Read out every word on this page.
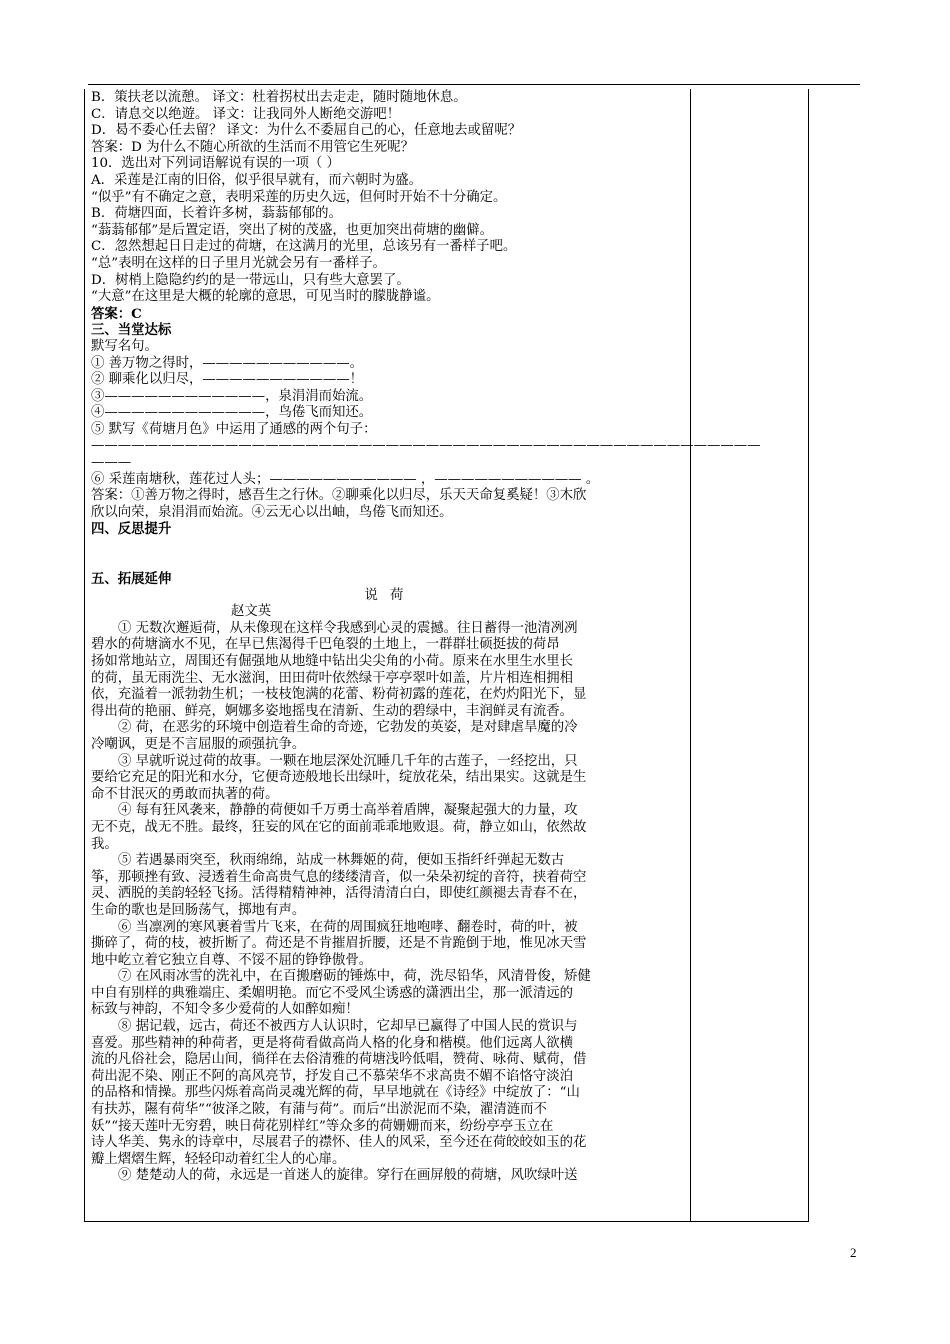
B．策扶老以流憩。 译文：杜着拐杖出去走走，随时随地休息。
C．请息交以绝遊。 译文：让我同外人断绝交游吧！
D．曷不委心任去留？ 译文：为什么不委屈自己的心，任意地去或留呢？
答案：D 为什么不随心所欲的生活而不用管它生死呢？
10．选出对下列词语解说有误的一项（ ）
A．采莲是江南的旧俗，似乎很早就有，而六朝时为盛。
“似乎”有不确定之意，表明采莲的历史久远，但何时开始不十分确定。
B．荷塘四面，长着许多树，蓊蓊郁郁的。
“蓊蓊郁郁”是后置定语，突出了树的茂盛，也更加突出荷塘的幽僻。
C．忽然想起日日走过的荷塘，在这满月的光里，总该另有一番样子吧。
“总”表明在这样的日子里月光就会另有一番样子。
D．树梢上隐隐约约的是一带远山，只有些大意罢了。
“大意”在这里是大概的轮廓的意思，可见当时的朦胧静谧。
答案：C
三、当堂达标
默写名句。
① 善万物之得时，———————————。
② 聊乘化以归尽，———————————！
③————————————，泉涓涓而始流。
④————————————，鸟倦飞而知还。
⑤ 默写《荷塘月色》中运用了通感的两个句子：
——————————————————————————————————————————————————
———
⑥ 采莲南塘秋，莲花过人头；——————————— ，——————————— 。
答案：①善万物之得时，感吾生之行休。②聊乘化以归尽，乐天天命复奚疑！③木欣
欣以向荣，泉涓涓而始流。④云无心以出岫，鸟倦飞而知还。
四、反思提升
五、拓展延伸
说荷
赵文英
① 无数次邂逅荷，从未像现在这样令我感到心灵的震撼。往日蓄得一池清冽冽
碧水的荷塘滴水不见，在早已焦渴得千巴龟裂的土地上，一群群壮硕挺拔的荷昂
扬如常地站立，周围还有倔强地从地缝中钻出尖尖角的小荷。原来在水里生水里长
的荷，虽无雨洗尘、无水滋润，田田荷叶依然绿干亭亭翠叶如盖，片片相连相拥相
依，充溢着一派勃勃生机；一枝枝饱满的花蕾、粉荷初露的莲花，在灼灼阳光下，显
得出荷的艳丽、鲜亮，婀娜多姿地摇曳在清新、生动的碧绿中，丰润鲜灵有流香。
② 荷，在恶劣的环境中创造着生命的奇迹，它勃发的英姿，是对肆虐旱魔的冷
冷嘲讽，更是不言屈服的顽强抗争。
③ 早就听说过荷的故事。一颗在地层深处沉睡几千年的古莲子，一经挖出，只
要给它充足的阳光和水分，它便奇迹般地长出绿叶，绽放花朵，结出果实。这就是生
命不甘泯灭的勇敢而执著的荷。
④ 每有狂风袭来，静静的荷便如千万勇士高举着盾牌，凝聚起强大的力量，攻
无不克，战无不胜。最终，狂妄的风在它的面前乖乖地败退。荷，静立如山，依然故
我。
⑤ 若遇暴雨突至，秋雨绵绵，站成一林舞姬的荷，便如玉指纤纤弹起无数古
筝，那顿挫有致、浸透着生命高贵气息的缕缕清音，似一朵朵初绽的音符，挟着荷空
灵、洒脱的美韵轻轻飞扬。活得精精神神，活得清清白白，即使红颜褪去青春不在，
生命的歌也是回肠荡气，掷地有声。
⑥ 当凛冽的寒风裹着雪片飞来，在荷的周围疯狂地咆哮、翻卷时，荷的叶，被
撕碎了，荷的枝，被折断了。荷还是不肯摧眉折腰，还是不肯跪倒于地，惟见冰天雪
地中屹立着它独立自尊、不馁不屈的铮铮傲骨。
⑦ 在风雨冰雪的洗礼中，在百搬磨砺的锤炼中，荷，洗尽铅华，风清骨俊，矫健
中自有别样的典雅端庄、柔媚明艳。而它不受风尘诱惑的潇洒出尘，那一派清远的
标致与神韵，不知令多少爱荷的人如醉如痴！
⑧ 据记载，远古，荷还不被西方人认识时，它却早已赢得了中国人民的赏识与
喜爱。那些精神的种荷者，更是将荷看做高尚人格的化身和楷模。他们远离人欲横
流的凡俗社会，隐居山间，徜徉在去俗清雅的荷塘浅吟低唱，赞荷、咏荷、赋荷，借
荷出泥不染、刚正不阿的高风亮节，抒发自己不慕荣华不求高贵不媚不谄恪守淡泊
的品格和情操。那些闪烁着高尚灵魂光辉的荷，早早地就在《诗经》中绽放了：“山
有扶苏，隰有荷华”“彼泽之陂，有蒲与荷”。而后“出淤泥而不染，濯清涟而不
妖”“接天莲叶无穷碧，映日荷花别样红”等众多的荷姗姗而来，纷纷亭亭玉立在
诗人华美、隽永的诗章中，尽展君子的襟怀、佳人的风采，至今还在荷皎皎如玉的花
瓣上熠熠生辉，轻轻印动着红尘人的心扉。
⑨ 楚楚动人的荷，永远是一首迷人的旋律。穿行在画屏般的荷塘，风吹绿叶送
2
